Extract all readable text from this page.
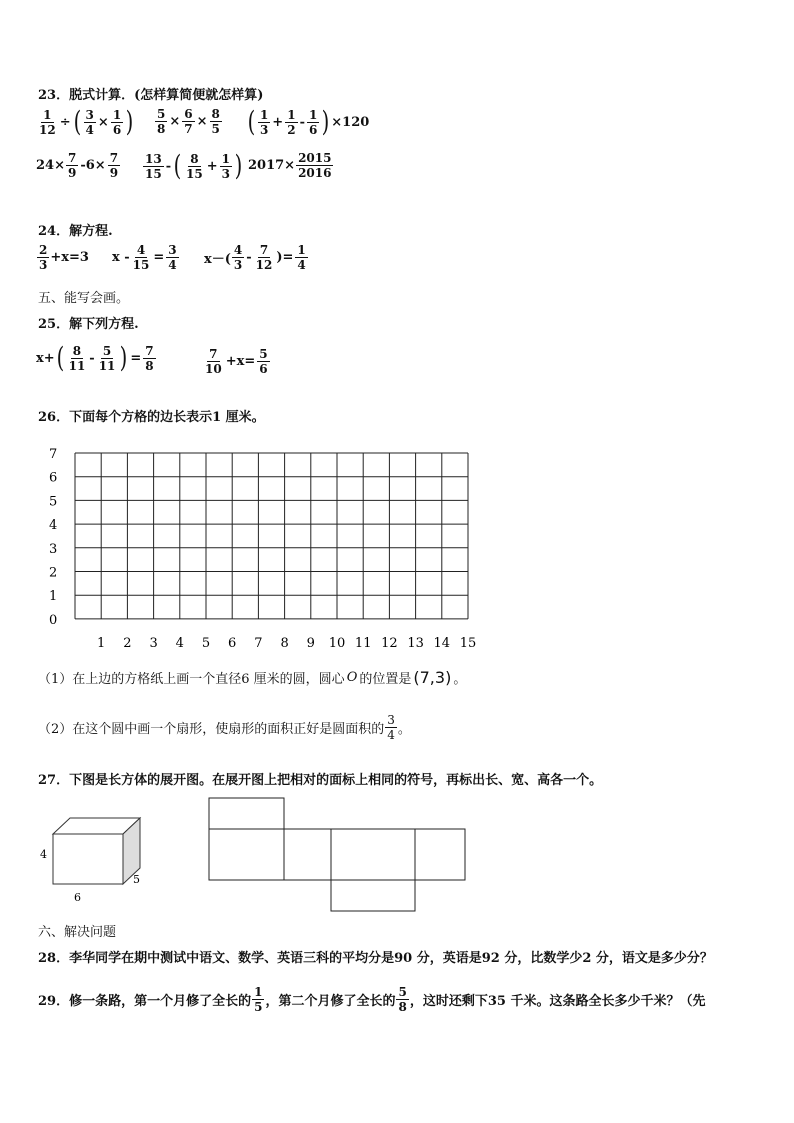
23．脱式计算．(怎样算简便就怎样算)
$\frac{1}{12}$ ÷ ( $\frac{3}{4} \times \frac{1}{6}$ ) $\frac{5}{8} \times \frac{6}{7} \times \frac{8}{5}$ ( $\frac{1}{3} + \frac{1}{2} - \frac{1}{6}$ ) ×120
$24\times \frac{7}{9} -6\times \frac{7}{9} \frac{13}{15}$ - ( $\frac{8}{15} + \frac{1}{3}$ ) $2017\times \frac{2015}{2016}$
24．解方程.
$\frac{2}{3} +x=3$ $x - \frac{4}{15} = \frac{3}{4} x-( \frac{4}{3} - \frac{7}{12}$ )= $\frac{1}{4}$
五、能写会画。
25．解下列方程.
x+ ( $\frac{8}{11} - \frac{5}{11}$ ) = $\frac{7}{8}$	$\frac{7}{10} +x= \frac{5}{6}$
26．下面每个方格的边长表示1 厘米。
7
6
5
4
3
2
1
0
1 2 3 4 5 6 7 8 9 10 11 12 13 14 15
（1）在上边的方格纸上画一个直径6 厘米的圆，圆心 O 的位置是 (7,3) 。
（2）在这个圆中画一个扇形，使扇形的面积正好是圆面积的 $\frac{3}{4}$ 。
27．下图是长方体的展开图。在展开图上把相对的面标上相同的符号，再标出长、宽、高各一个。
4
6
5
六、解决问题
28．李华同学在期中测试中语文、数学、英语三科的平均分是90 分，英语是92 分，比数学少2 分，语文是多少分？
29．修一条路，第一个月修了全长的 $\frac{1}{5}$ ，第二个月修了全长的 $\frac{5}{8}$ ，这时还剩下35 千米。这条路全长多少千米？（先
